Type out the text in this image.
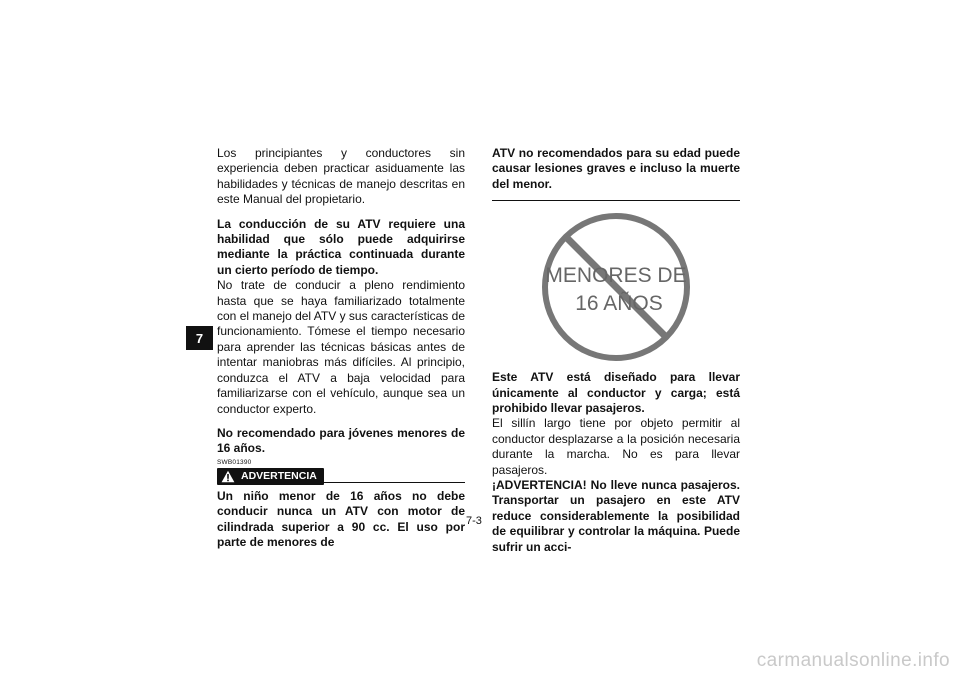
7

Los principiantes y conductores sin experiencia deben practicar asiduamente las habilidades y técnicas de manejo descritas en este Manual del propietario.

La conducción de su ATV requiere una habilidad que sólo puede adquirirse mediante la práctica continuada durante un cierto período de tiempo.

No trate de conducir a pleno rendimiento hasta que se haya familiarizado totalmente con el manejo del ATV y sus características de funcionamiento. Tómese el tiempo necesario para aprender las técnicas básicas antes de intentar maniobras más difíciles. Al principio, conduzca el ATV a baja velocidad para familiarizarse con el vehículo, aunque sea un conductor experto.

No recomendado para jóvenes menores de 16 años.

SWB01390

ADVERTENCIA

Un niño menor de 16 años no debe conducir nunca un ATV con motor de cilindrada superior a 90 cc. El uso por parte de menores de

ATV no recomendados para su edad puede causar lesiones graves e incluso la muerte del menor.

MENORES DE
16 AÑOS

Este ATV está diseñado para llevar únicamente al conductor y carga; está prohibido llevar pasajeros.

El sillín largo tiene por objeto permitir al conductor desplazarse a la posición necesaria durante la marcha. No es para llevar pasajeros.

¡ADVERTENCIA! No lleve nunca pasajeros. Transportar un pasajero en este ATV reduce considerablemente la posibilidad de equilibrar y controlar la máquina. Puede sufrir un acci-

7-3
carmanualsonline.info
